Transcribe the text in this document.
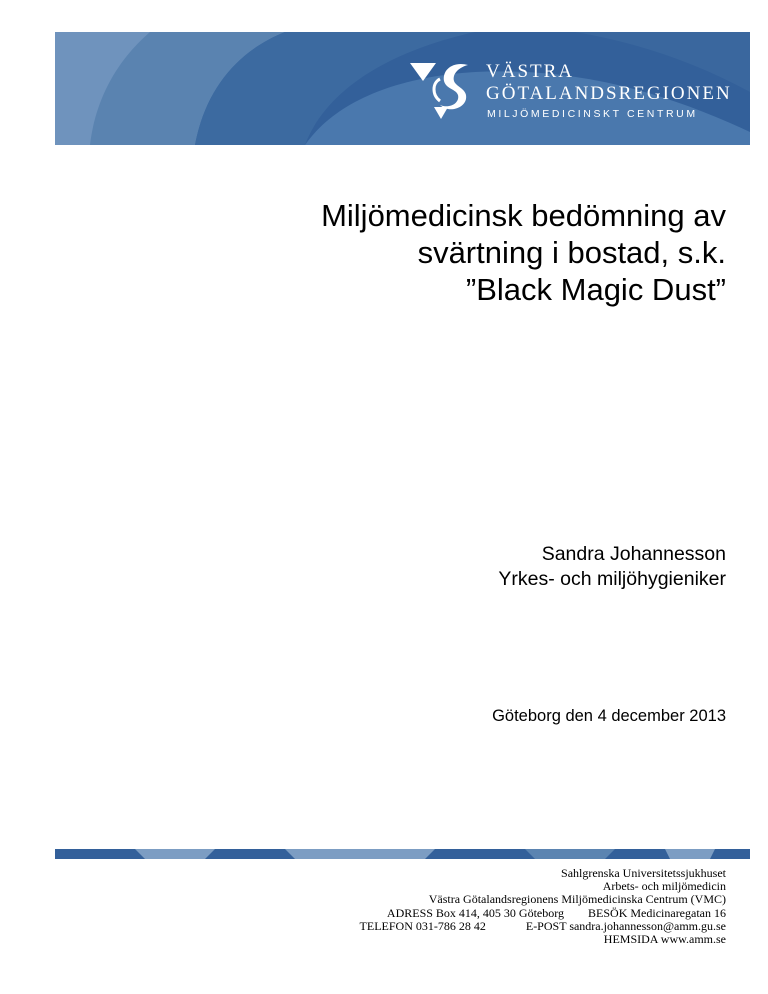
VÄSTRA
GÖTALANDSREGIONEN
MILJÖMEDICINSKT CENTRUM
Miljömedicinsk bedömning av
svärtning i bostad, s.k.
”Black Magic Dust”
Sandra Johannesson
Yrkes- och miljöhygieniker
Göteborg den 4 december 2013
Sahlgrenska Universitetssjukhuset
Arbets- och miljömedicin
Västra Götalandsregionens Miljömedicinska Centrum (VMC)
ADRESS Box 414, 405 30 Göteborg BESÖK Medicinaregatan 16
TELEFON 031-786 28 42	E-POST sandra.johannesson@amm.gu.se
HEMSIDA www.amm.se
